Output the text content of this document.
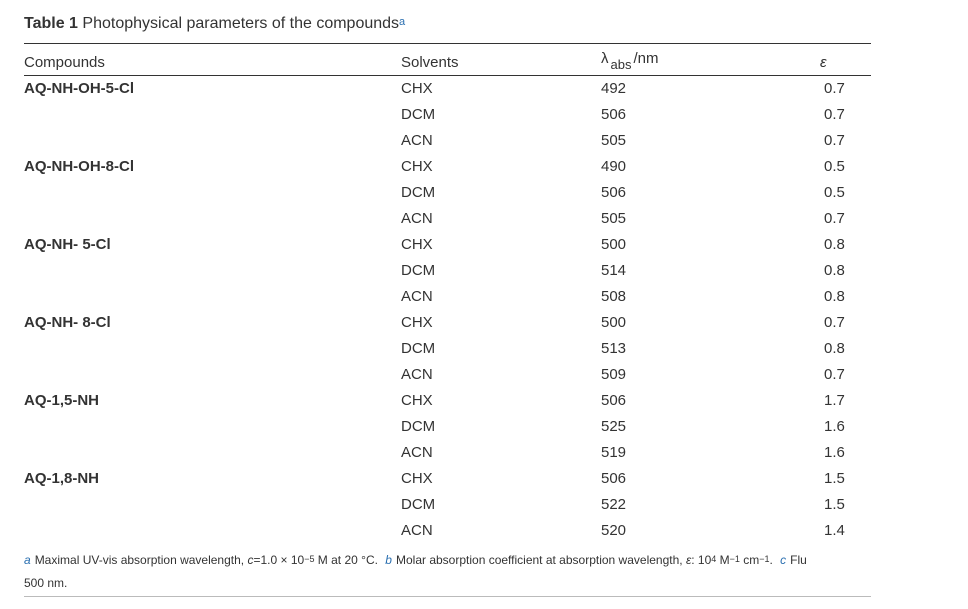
Table 1 Photophysical parameters of the compounds$^a$
Compounds	Solvents	λ abs /nm	ε
AQ-NH-OH-5-Cl	CHX	492	0.7
DCM	506	0.7
ACN	505	0.7
AQ-NH-OH-8-Cl	CHX	490	0.5
DCM	506	0.5
ACN	505	0.7
AQ-NH- 5-Cl	CHX	500	0.8
DCM	514	0.8
ACN	508	0.8
AQ-NH- 8-Cl	CHX	500	0.7
DCM	513	0.8
ACN	509	0.7
AQ-1,5-NH	CHX	506	1.7
DCM	525	1.6
ACN	519	1.6
AQ-1,8-NH	CHX	506	1.5
DCM	522	1.5
ACN	520	1.4
a Maximal UV-vis absorption wavelength, $c=1.0 \times 10^{-5}$ M at 20 °C. b Molar absorption coefficient at absorption wavelength, ε: $10^4$ $M^{-1}$ $cm^{-1}$. c Flu
500 nm.
